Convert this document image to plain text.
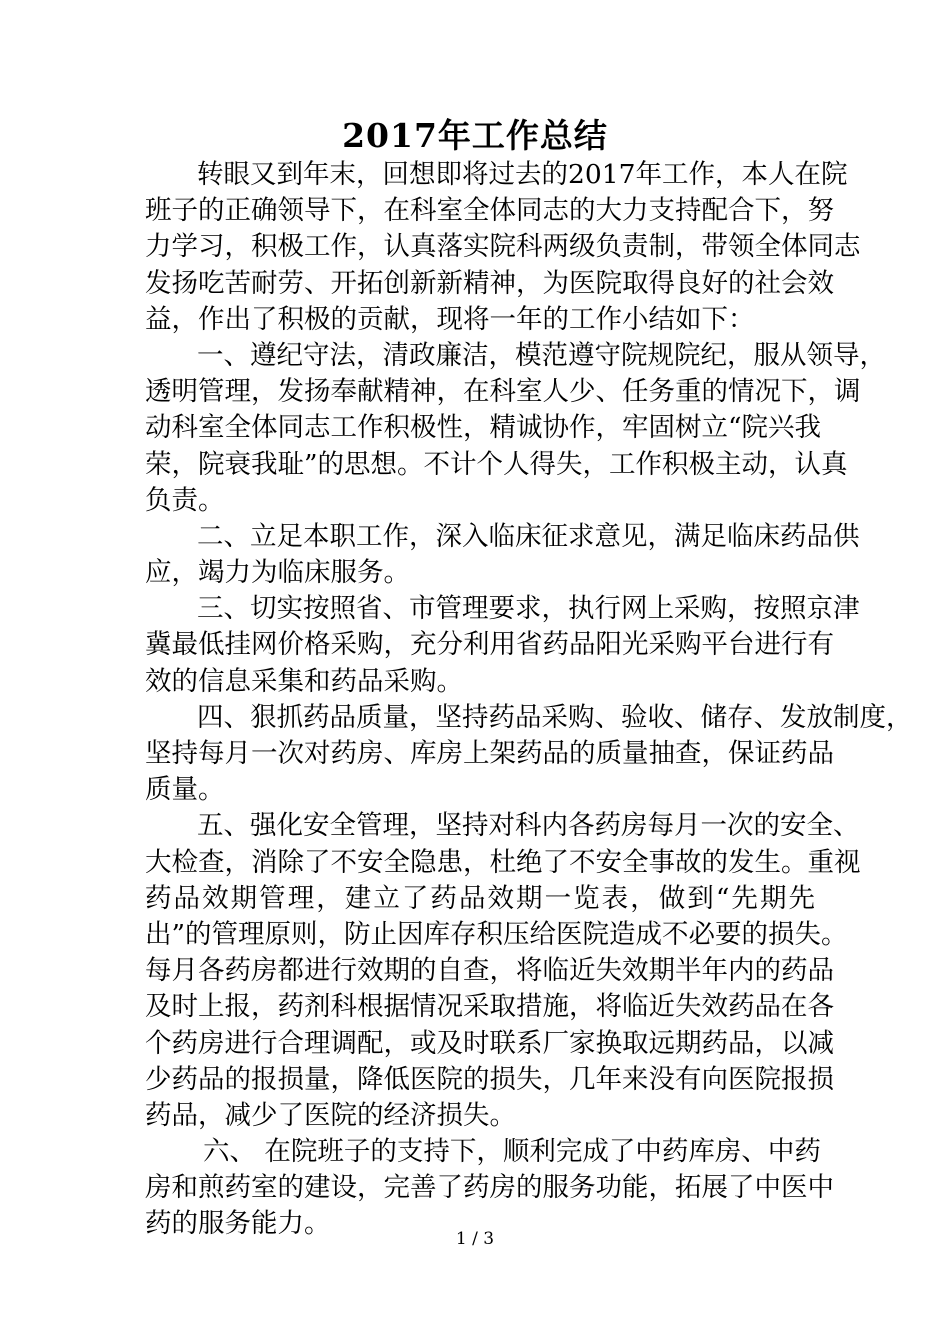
2017年工作总结
转眼又到年末，回想即将过去的2017年工作，本人在院
班子的正确领导下，在科室全体同志的大力支持配合下，努
力学习，积极工作，认真落实院科两级负责制，带领全体同志
发扬吃苦耐劳、开拓创新新精神，为医院取得良好的社会效
益，作出了积极的贡献，现将一年的工作小结如下：
一、遵纪守法，清政廉洁，模范遵守院规院纪，服从领导，
透明管理，发扬奉献精神，在科室人少、任务重的情况下，调
动科室全体同志工作积极性，精诚协作，牢固树立“院兴我
荣，院衰我耻”的思想。不计个人得失，工作积极主动，认真
负责。
二、立足本职工作，深入临床征求意见，满足临床药品供
应，竭力为临床服务。
三、切实按照省、市管理要求，执行网上采购，按照京津
冀最低挂网价格采购，充分利用省药品阳光采购平台进行有
效的信息采集和药品采购。
四、狠抓药品质量，坚持药品采购、验收、储存、发放制度，
坚持每月一次对药房、库房上架药品的质量抽查，保证药品
质量。
五、强化安全管理，坚持对科内各药房每月一次的安全、
大检查，消除了不安全隐患，杜绝了不安全事故的发生。重视
药品效期管理，建立了药品效期一览表，做到“先期先
出”的管理原则，防止因库存积压给医院造成不必要的损失。
每月各药房都进行效期的自查，将临近失效期半年内的药品
及时上报，药剂科根据情况采取措施，将临近失效药品在各
个药房进行合理调配，或及时联系厂家换取远期药品，以减
少药品的报损量，降低医院的损失，几年来没有向医院报损
药品，减少了医院的经济损失。
六、 在院班子的支持下，顺利完成了中药库房、中药
房和煎药室的建设，完善了药房的服务功能，拓展了中医中
药的服务能力。	1 / 3
